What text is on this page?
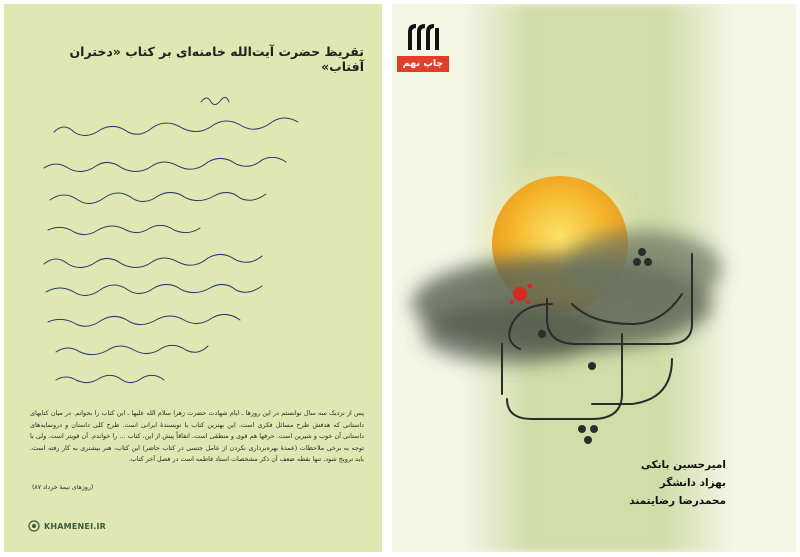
تقریظ حضرت آیت‌الله خامنه‌ای بر کتاب «دختران آفتاب»
پس از نزدیک سه سال توانستم در این روزها ـ ایام شهادت حضرت زهرا سلام الله علیها ـ این کتاب را بخوانم. در میان کتابهای داستانی که هدفش طرح مسائل فکری است، این بهترین کتاب با تویسندۀ ایرانی است. طرح کلی داستان و درونمایه‌های داستانی آن خوب و شیرین است. حرفها هم قوی و منطقی است. اتفاقاً پیش از این، کتاب ... را خواندم. آن قویتر است. ولی با توجه به برخی ملاحظات (عمدۀ بهره‌برداری نکردن از عامل جنسی در کتاب حاضر) این کتاب، هنر بیشتری به کار رفته است. باید ترویج شود. تنها نقطه ضعف آن ذکر مشخصات استاد فاطمه است در فصل آخر کتاب.
(روزهای نیمۀ خرداد ۸۷)
KHAMENEI.IR
دختران
آفتاب
چاپ نهم
امیرحسین بانکی
بهزاد دانشگر
محمدرضا رضایتمند
